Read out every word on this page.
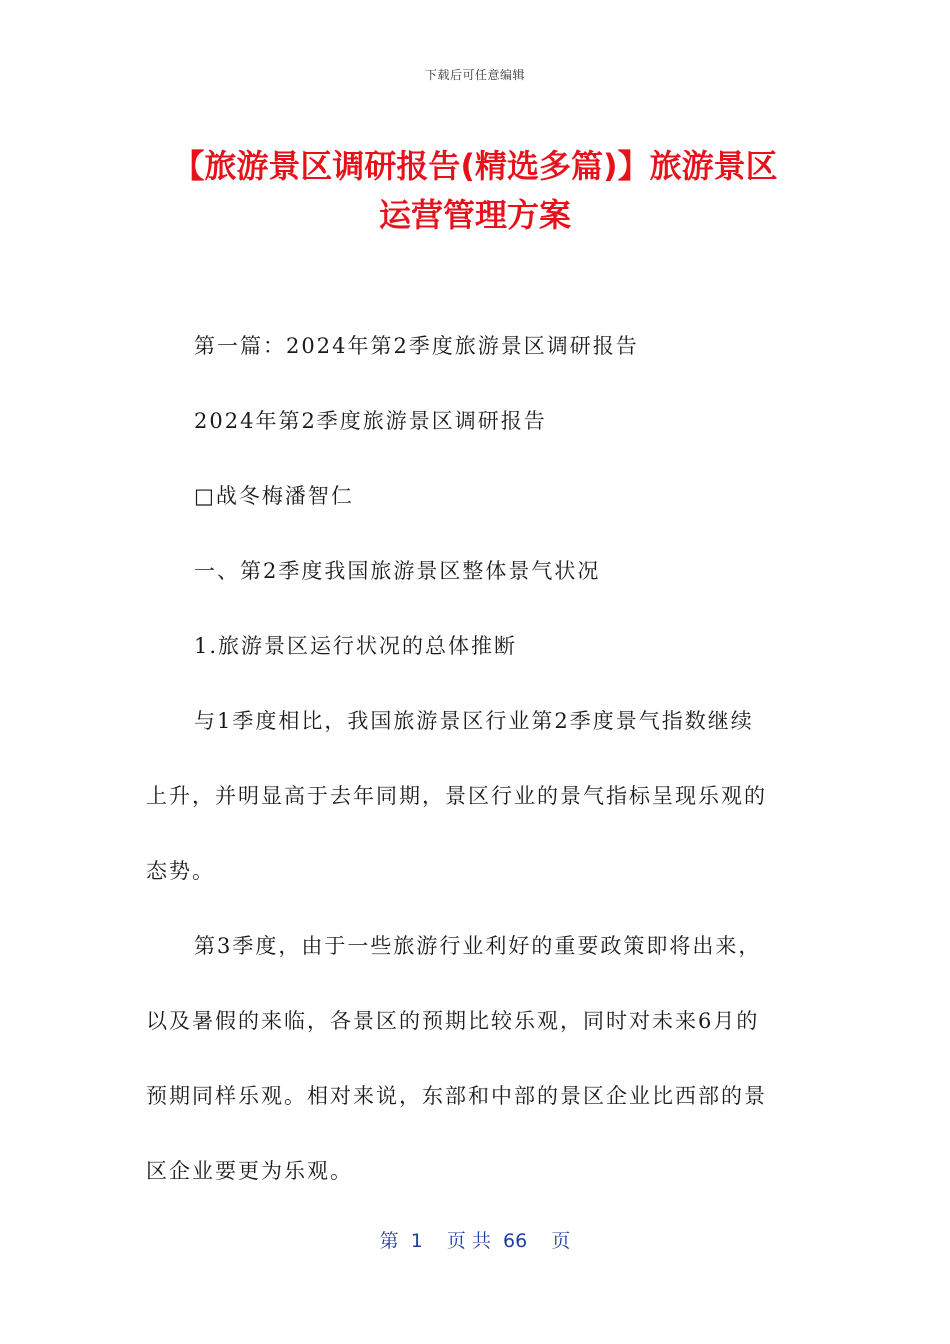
下载后可任意编辑
【旅游景区调研报告(精选多篇)】旅游景区
运营管理方案
第一篇：2024年第2季度旅游景区调研报告
2024年第2季度旅游景区调研报告
□战冬梅潘智仁
一、第2季度我国旅游景区整体景气状况
1.旅游景区运行状况的总体推断
与1季度相比，我国旅游景区行业第2季度景气指数继续
上升，并明显高于去年同期，景区行业的景气指标呈现乐观的
态势。
第3季度，由于一些旅游行业利好的重要政策即将出来，
以及暑假的来临，各景区的预期比较乐观，同时对未来6月的
预期同样乐观。相对来说，东部和中部的景区企业比西部的景
区企业要更为乐观。
第  1    页 共  66    页
